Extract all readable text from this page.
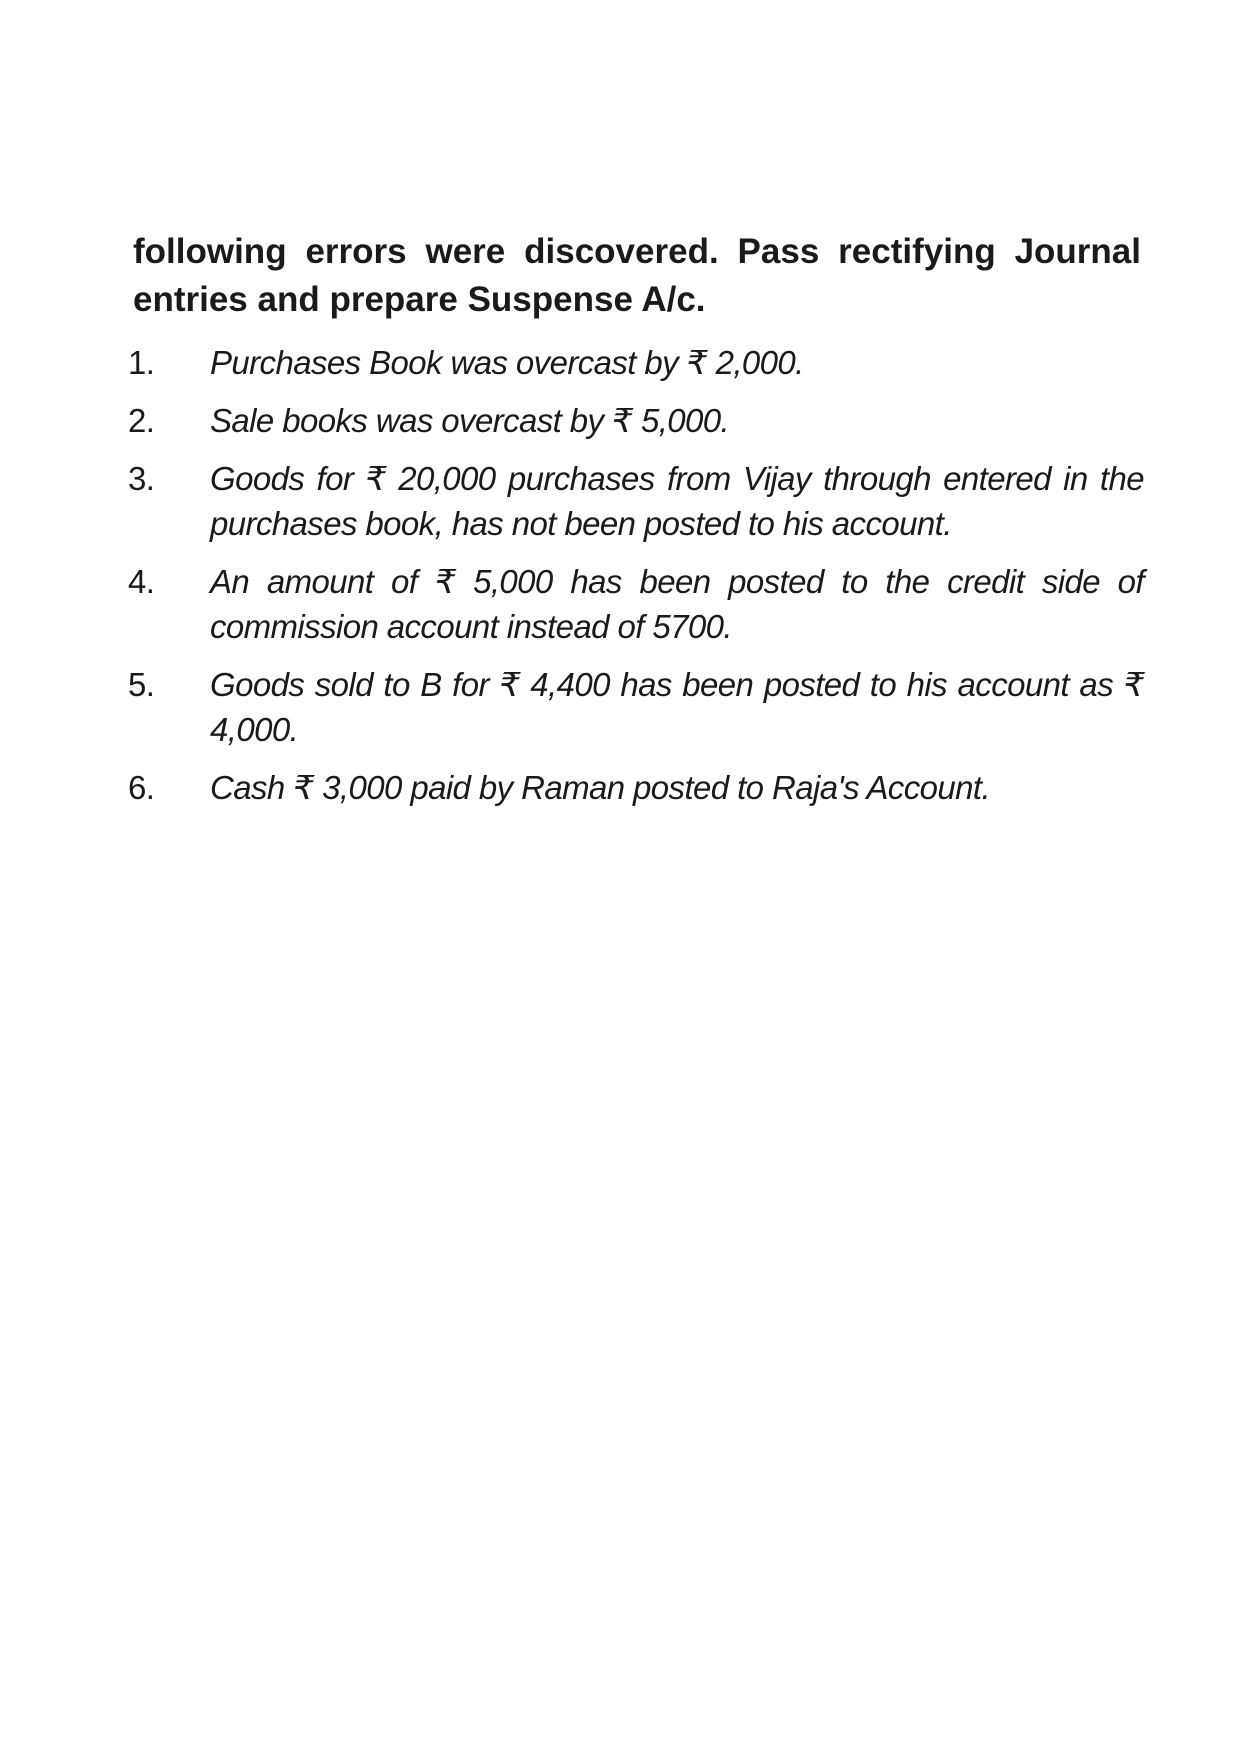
following errors were discovered. Pass rectifying Journal
entries and prepare Suspense A/c.

1.	Purchases Book was overcast by ₹ 2,000.
2.	Sale books was overcast by ₹ 5,000.
3.	Goods for ₹ 20,000 purchases from Vijay through entered in the purchases book, has not been posted to his account.
4.	An amount of ₹ 5,000 has been posted to the credit side of commission account instead of 5700.
5.	Goods sold to B for ₹ 4,400 has been posted to his account as ₹ 4,000.
6.	Cash ₹ 3,000 paid by Raman posted to Raja's Account.
